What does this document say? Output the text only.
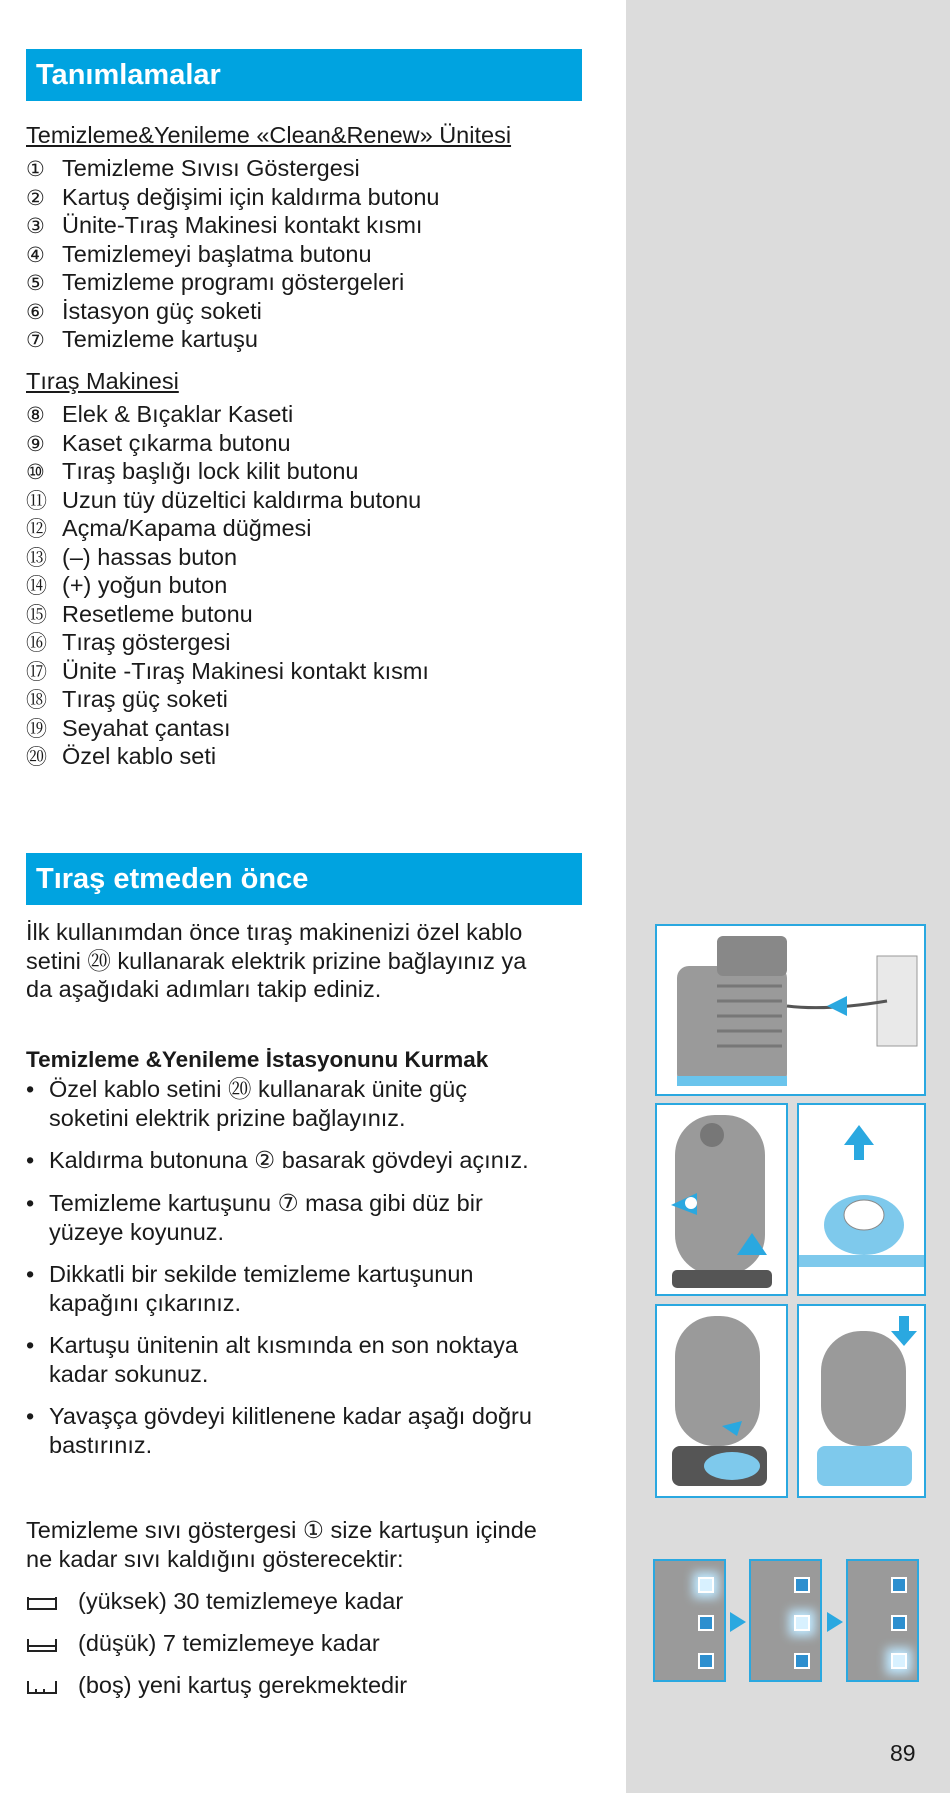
Tanımlamalar
Temizleme&Yenileme «Clean&Renew» Ünitesi
① Temizleme Sıvısı Göstergesi
② Kartuş değişimi için kaldırma butonu
③ Ünite-Tıraş Makinesi kontakt kısmı
④ Temizlemeyi başlatma butonu
⑤ Temizleme programı göstergeleri
⑥ İstasyon güç soketi
⑦ Temizleme kartuşu
Tıraş Makinesi
⑧ Elek & Bıçaklar Kaseti
⑨ Kaset çıkarma butonu
⑩ Tıraş başlığı lock kilit butonu
⑪ Uzun tüy düzeltici kaldırma butonu
⑫ Açma/Kapama düğmesi
⑬ (–) hassas buton
⑭ (+) yoğun buton
⑮ Resetleme butonu
⑯ Tıraş göstergesi
⑰ Ünite -Tıraş Makinesi kontakt kısmı
⑱ Tıraş güç soketi
⑲ Seyahat çantası
⑳ Özel kablo seti
Tıraş etmeden önce
İlk kullanımdan önce tıraş makinenizi özel kablo
setini ⑳ kullanarak elektrik prizine bağlayınız ya
da aşağıdaki adımları takip ediniz.
Temizleme &Yenileme İstasyonunu Kurmak
• Özel kablo setini ⑳ kullanarak ünite güç
soketini elektrik prizine bağlayınız.
• Kaldırma butonuna ② basarak gövdeyi açınız.
• Temizleme kartuşunu ⑦ masa gibi düz bir
yüzeye koyunuz.
• Dikkatli bir sekilde temizleme kartuşunun
kapağını çıkarınız.
• Kartuşu ünitenin alt kısmında en son noktaya
kadar sokunuz.
• Yavaşça gövdeyi kilitlenene kadar aşağı doğru
bastırınız.
Temizleme sıvı göstergesi ① size kartuşun içinde
ne kadar sıvı kaldığını gösterecektir:
(yüksek) 30 temizlemeye kadar
(düşük) 7 temizlemeye kadar
(boş) yeni kartuş gerekmektedir
89
